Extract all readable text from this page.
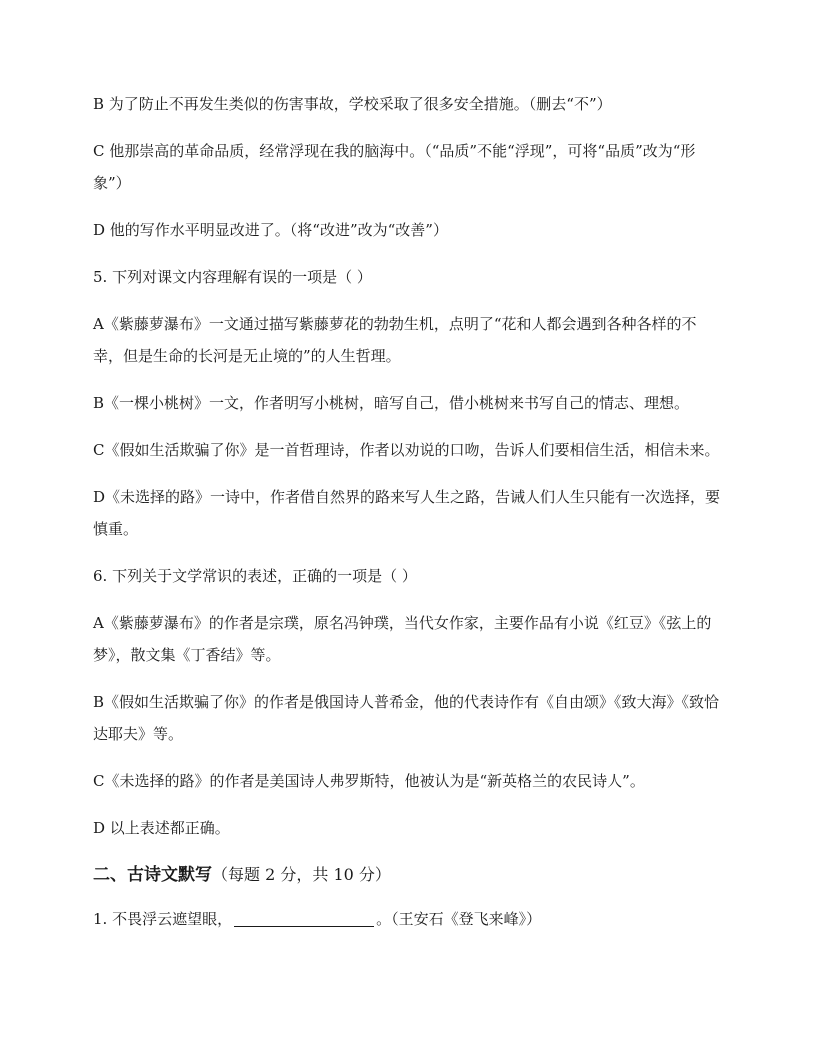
B 为了防止不再发生类似的伤害事故，学校采取了很多安全措施。（删去“不”）

C 他那崇高的革命品质，经常浮现在我的脑海中。（“品质”不能“浮现”，可将“品质”改为“形象”）

D 他的写作水平明显改进了。（将“改进”改为“改善”）

5. 下列对课文内容理解有误的一项是（ ）

A《紫藤萝瀑布》一文通过描写紫藤萝花的勃勃生机，点明了“花和人都会遇到各种各样的不幸，但是生命的长河是无止境的”的人生哲理。

B《一棵小桃树》一文，作者明写小桃树，暗写自己，借小桃树来书写自己的情志、理想。

C《假如生活欺骗了你》是一首哲理诗，作者以劝说的口吻，告诉人们要相信生活，相信未来。

D《未选择的路》一诗中，作者借自然界的路来写人生之路，告诫人们人生只能有一次选择，要慎重。

6. 下列关于文学常识的表述，正确的一项是（ ）

A《紫藤萝瀑布》的作者是宗璞，原名冯钟璞，当代女作家，主要作品有小说《红豆》《弦上的梦》，散文集《丁香结》等。

B《假如生活欺骗了你》的作者是俄国诗人普希金，他的代表诗作有《自由颂》《致大海》《致恰达耶夫》等。

C《未选择的路》的作者是美国诗人弗罗斯特，他被认为是“新英格兰的农民诗人”。

D 以上表述都正确。

二、古诗文默写（每题 2 分，共 10 分）

1. 不畏浮云遮望眼，	。（王安石《登飞来峰》）
